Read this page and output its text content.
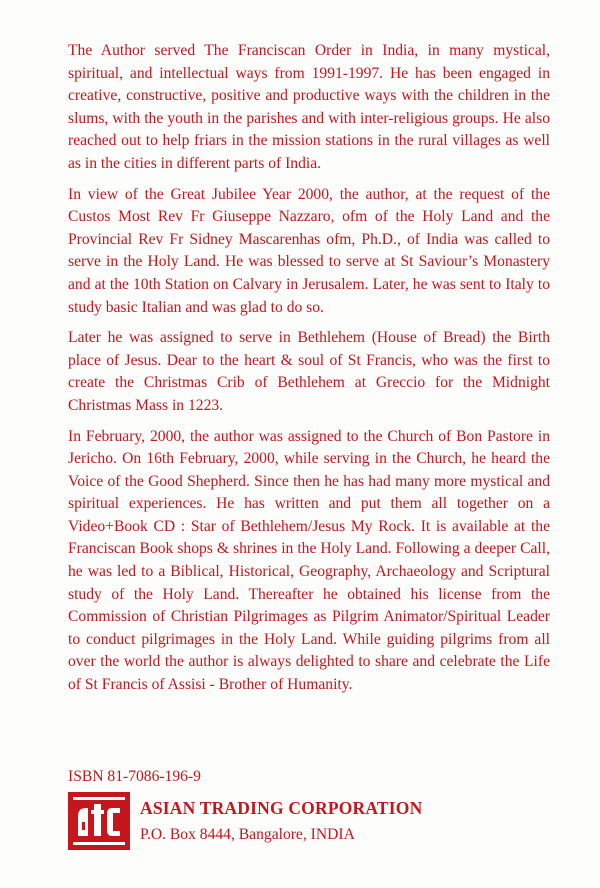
The Author served The Franciscan Order in India, in many mystical, spiritual, and intellectual ways from 1991-1997. He has been engaged in creative, constructive, positive and productive ways with the children in the slums, with the youth in the parishes and with inter-religious groups. He also reached out to help friars in the mission stations in the rural villages as well as in the cities in different parts of India.

In view of the Great Jubilee Year 2000, the author, at the request of the Custos Most Rev Fr Giuseppe Nazzaro, ofm of the Holy Land and the Provincial Rev Fr Sidney Mascarenhas ofm, Ph.D., of India was called to serve in the Holy Land. He was blessed to serve at St Saviour’s Monastery and at the 10th Station on Calvary in Jerusalem. Later, he was sent to Italy to study basic Italian and was glad to do so.

Later he was assigned to serve in Bethlehem (House of Bread) the Birth place of Jesus. Dear to the heart & soul of St Francis, who was the first to create the Christmas Crib of Bethlehem at Greccio for the Midnight Christmas Mass in 1223.

In February, 2000, the author was assigned to the Church of Bon Pastore in Jericho. On 16th February, 2000, while serving in the Church, he heard the Voice of the Good Shepherd. Since then he has had many more mystical and spiritual experiences. He has written and put them all together on a Video+Book CD : Star of Bethlehem/Jesus My Rock. It is available at the Franciscan Book shops & shrines in the Holy Land. Following a deeper Call, he was led to a Biblical, Historical, Geography, Archaeology and Scriptural study of the Holy Land. Thereafter he obtained his license from the Commission of Christian Pilgrimages as Pilgrim Animator/Spiritual Leader to conduct pilgrimages in the Holy Land. While guiding pilgrims from all over the world the author is always delighted to share and celebrate the Life of St Francis of Assisi - Brother of Humanity.

ISBN 81-7086-196-9
ASIAN TRADING CORPORATION
P.O. Box 8444, Bangalore, INDIA
